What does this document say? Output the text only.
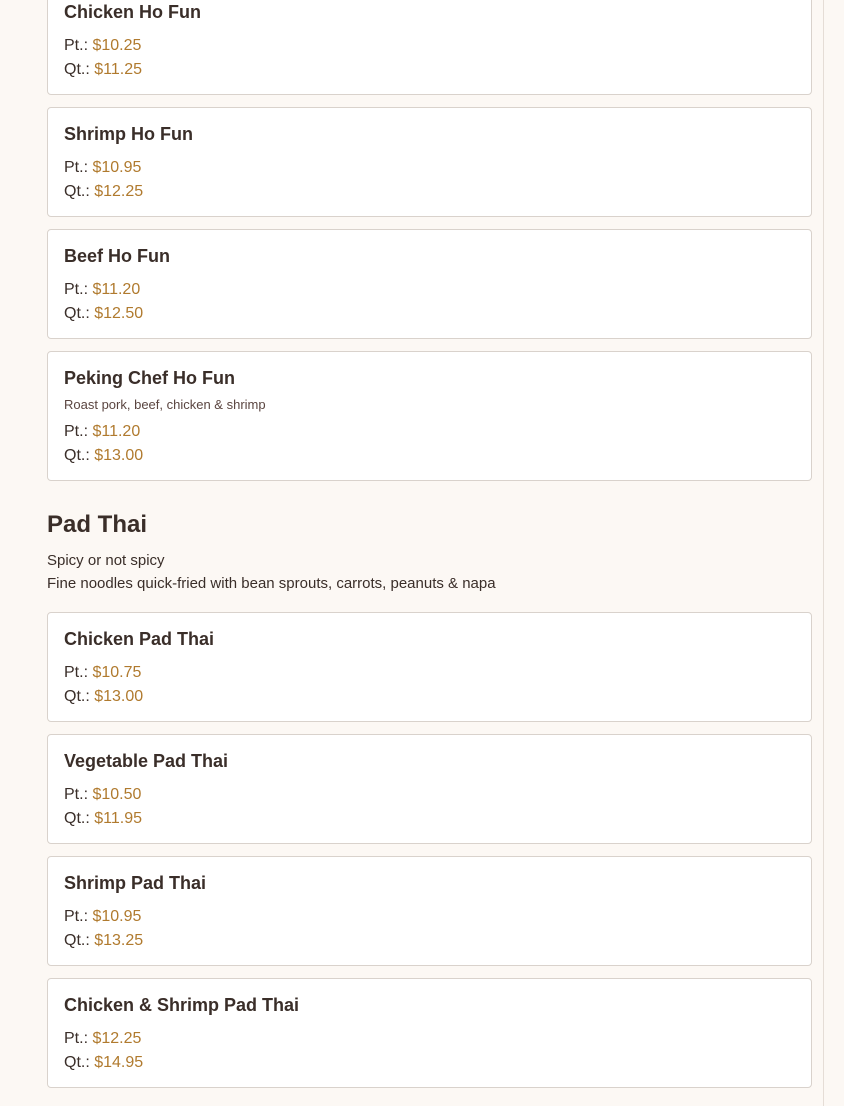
Chicken Ho Fun
Pt.: $10.25
Qt.: $11.25
Shrimp Ho Fun
Pt.: $10.95
Qt.: $12.25
Beef Ho Fun
Pt.: $11.20
Qt.: $12.50
Peking Chef Ho Fun
Roast pork, beef, chicken & shrimp
Pt.: $11.20
Qt.: $13.00
Pad Thai
Spicy or not spicy
Fine noodles quick-fried with bean sprouts, carrots, peanuts & napa
Chicken Pad Thai
Pt.: $10.75
Qt.: $13.00
Vegetable Pad Thai
Pt.: $10.50
Qt.: $11.95
Shrimp Pad Thai
Pt.: $10.95
Qt.: $13.25
Chicken & Shrimp Pad Thai
Pt.: $12.25
Qt.: $14.95
